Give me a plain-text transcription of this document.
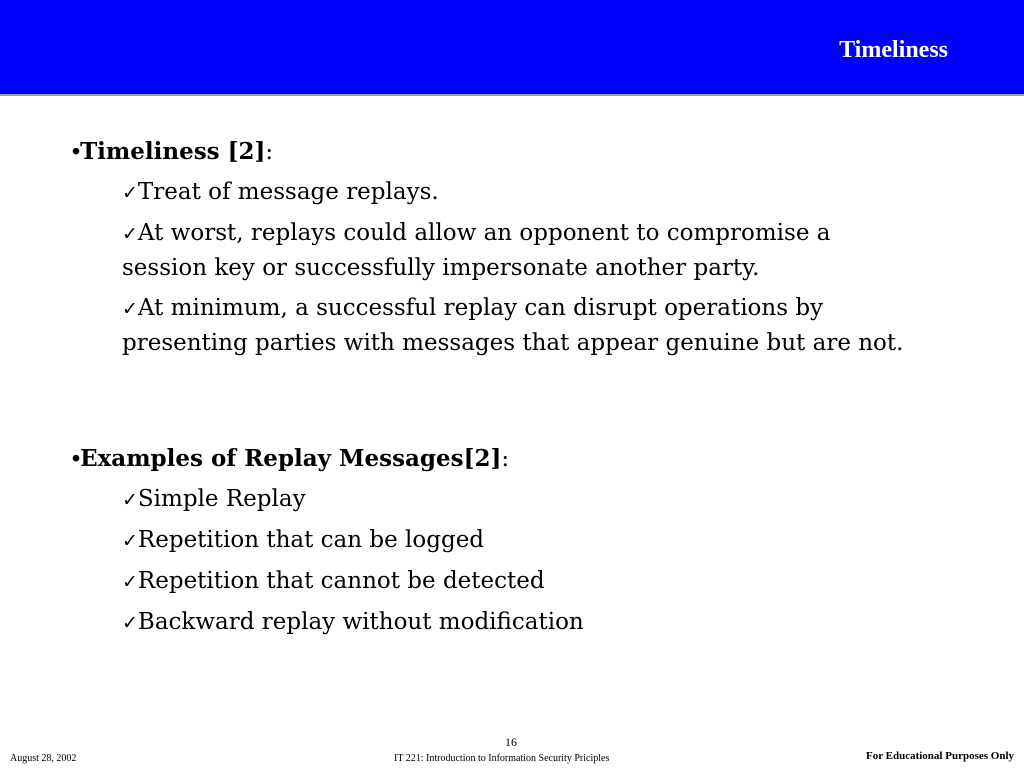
Timeliness
•Timeliness [2]:
✓Treat of message replays.
✓At worst, replays could allow an opponent to compromise a session key or successfully impersonate another party.
✓At minimum, a successful replay can disrupt operations by presenting parties with messages that appear genuine but are not.
•Examples of Replay Messages[2]:
✓Simple Replay
✓Repetition that can be logged
✓Repetition that cannot be detected
✓Backward replay without modification
16
August 28, 2002	IT 221: Introduction to Information Security Priciples	For Educational Purposes Only
